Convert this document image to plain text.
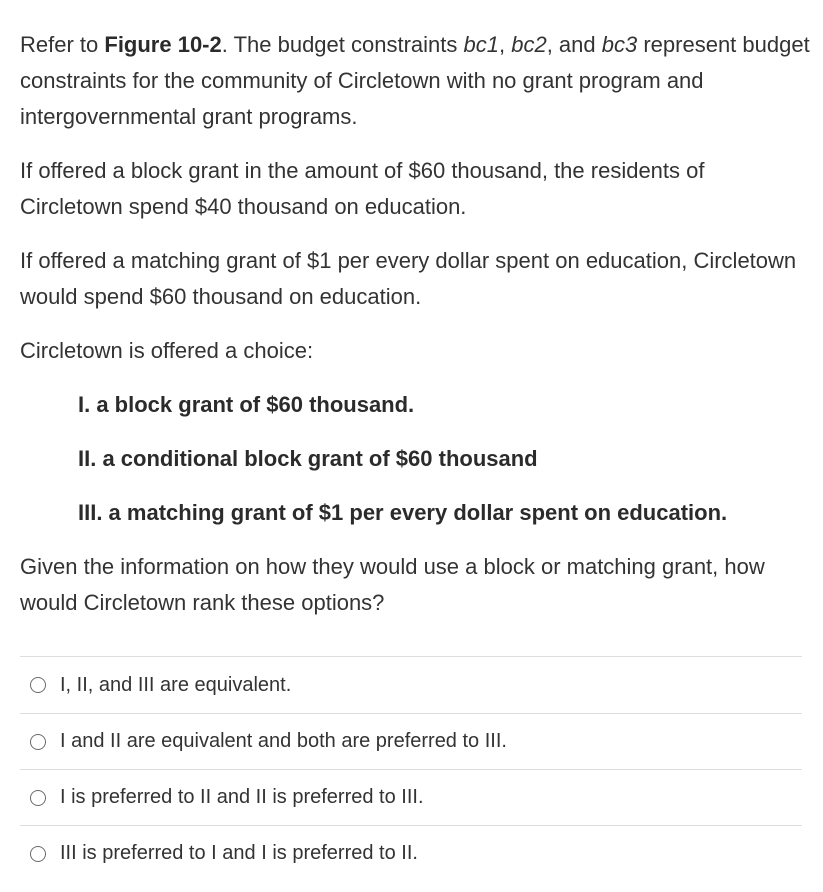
Refer to Figure 10-2. The budget constraints bc1, bc2, and bc3 represent budget constraints for the community of Circletown with no grant program and intergovernmental grant programs.

If offered a block grant in the amount of $60 thousand, the residents of Circletown spend $40 thousand on education.

If offered a matching grant of $1 per every dollar spent on education, Circletown would spend $60 thousand on education.

Circletown is offered a choice:

I. a block grant of $60 thousand.
II. a conditional block grant of $60 thousand
III. a matching grant of $1 per every dollar spent on education.

Given the information on how they would use a block or matching grant, how would Circletown rank these options?

I, II, and III are equivalent.
I and II are equivalent and both are preferred to III.
I is preferred to II and II is preferred to III.
III is preferred to I and I is preferred to II.
